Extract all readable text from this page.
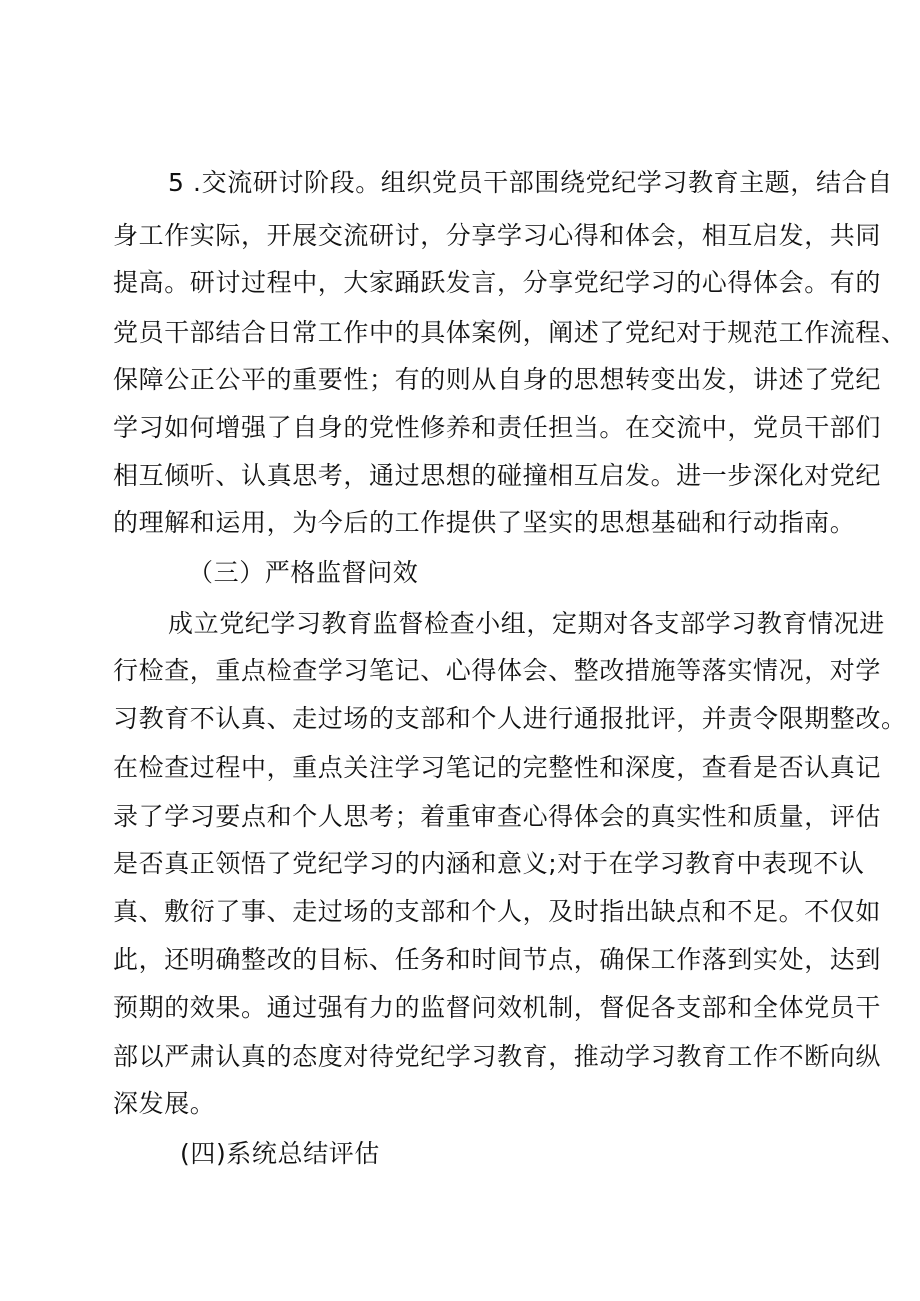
5 .交流研讨阶段。组织党员干部围绕党纪学习教育主题，结合自
身工作实际，开展交流研讨，分享学习心得和体会，相互启发，共同
提高。研讨过程中，大家踊跃发言，分享党纪学习的心得体会。有的
党员干部结合日常工作中的具体案例，阐述了党纪对于规范工作流程、
保障公正公平的重要性；有的则从自身的思想转变出发，讲述了党纪
学习如何增强了自身的党性修养和责任担当。在交流中，党员干部们
相互倾听、认真思考，通过思想的碰撞相互启发。进一步深化对党纪
的理解和运用，为今后的工作提供了坚实的思想基础和行动指南。
（三）严格监督问效
成立党纪学习教育监督检查小组，定期对各支部学习教育情况进
行检查，重点检查学习笔记、心得体会、整改措施等落实情况，对学
习教育不认真、走过场的支部和个人进行通报批评，并责令限期整改。
在检查过程中，重点关注学习笔记的完整性和深度，查看是否认真记
录了学习要点和个人思考；着重审查心得体会的真实性和质量，评估
是否真正领悟了党纪学习的内涵和意义;对于在学习教育中表现不认
真、敷衍了事、走过场的支部和个人，及时指出缺点和不足。不仅如
此，还明确整改的目标、任务和时间节点，确保工作落到实处，达到
预期的效果。通过强有力的监督问效机制，督促各支部和全体党员干
部以严肃认真的态度对待党纪学习教育，推动学习教育工作不断向纵
深发展。
(四)系统总结评估
